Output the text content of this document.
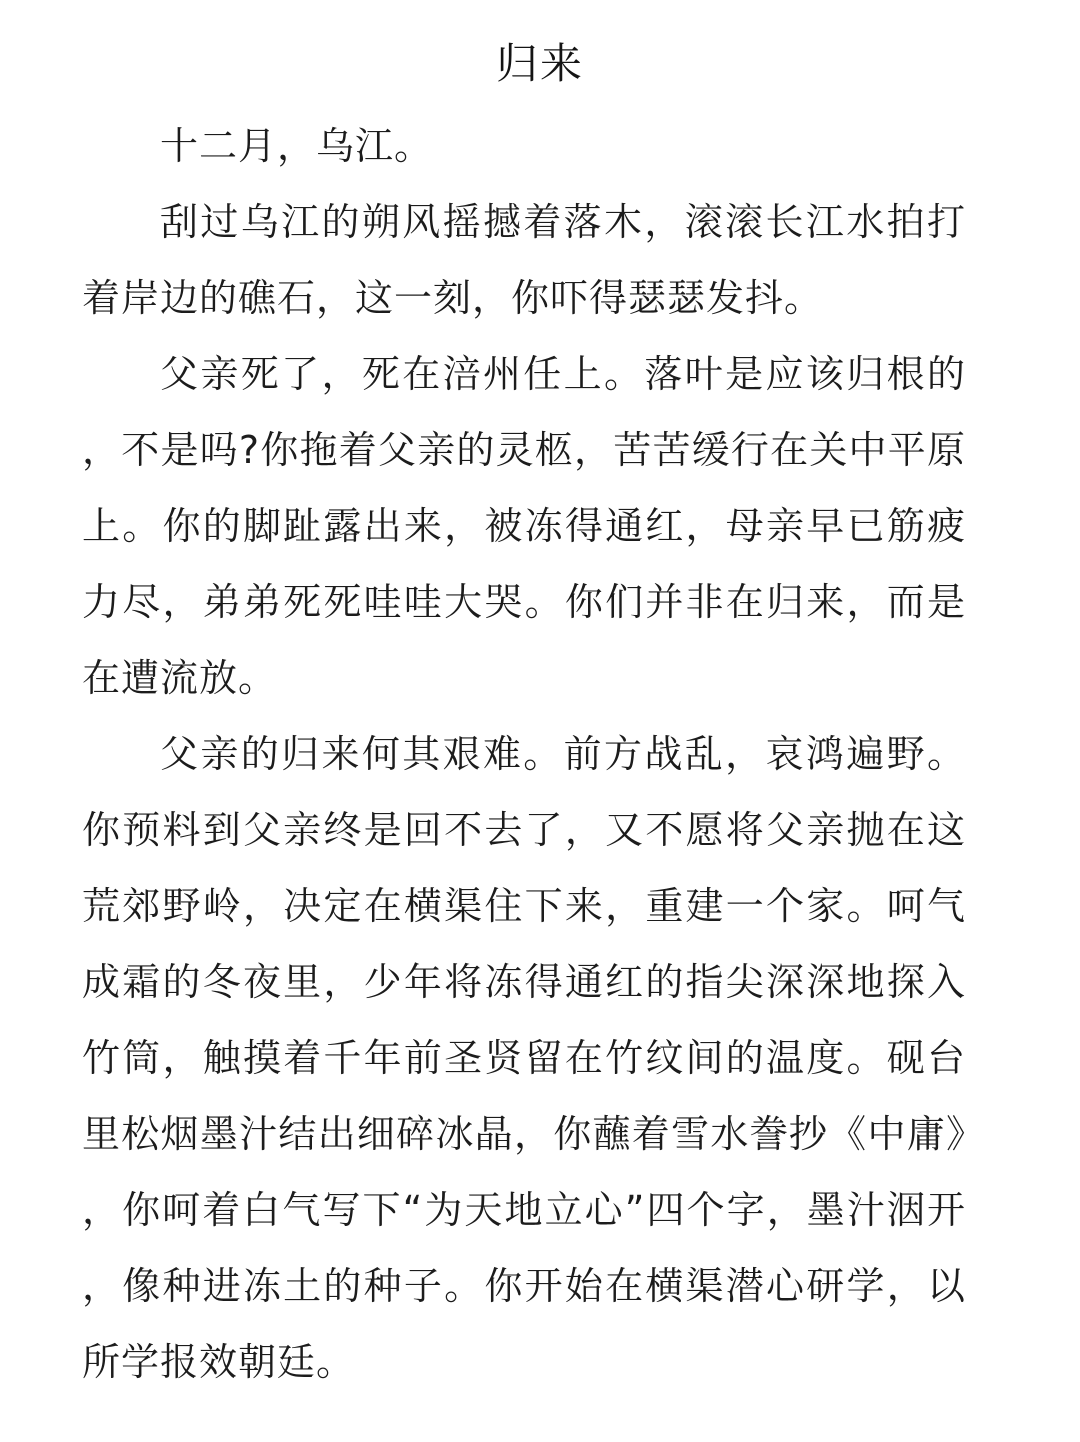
归来

十二月，乌江。

刮过乌江的朔风摇撼着落木，滚滚长江水拍打着岸边的礁石，这一刻，你吓得瑟瑟发抖。

父亲死了，死在涪州任上。落叶是应该归根的，不是吗?你拖着父亲的灵柩，苦苦缓行在关中平原上。你的脚趾露出来，被冻得通红，母亲早已筋疲力尽，弟弟死死哇哇大哭。你们并非在归来，而是在遭流放。

父亲的归来何其艰难。前方战乱，哀鸿遍野。你预料到父亲终是回不去了，又不愿将父亲抛在这荒郊野岭，决定在横渠住下来，重建一个家。呵气成霜的冬夜里，少年将冻得通红的指尖深深地探入竹筒，触摸着千年前圣贤留在竹纹间的温度。砚台里松烟墨汁结出细碎冰晶，你蘸着雪水誊抄《中庸》，你呵着白气写下“为天地立心”四个字，墨汁洇开，像种进冻土的种子。你开始在横渠潜心研学，以所学报效朝廷。
